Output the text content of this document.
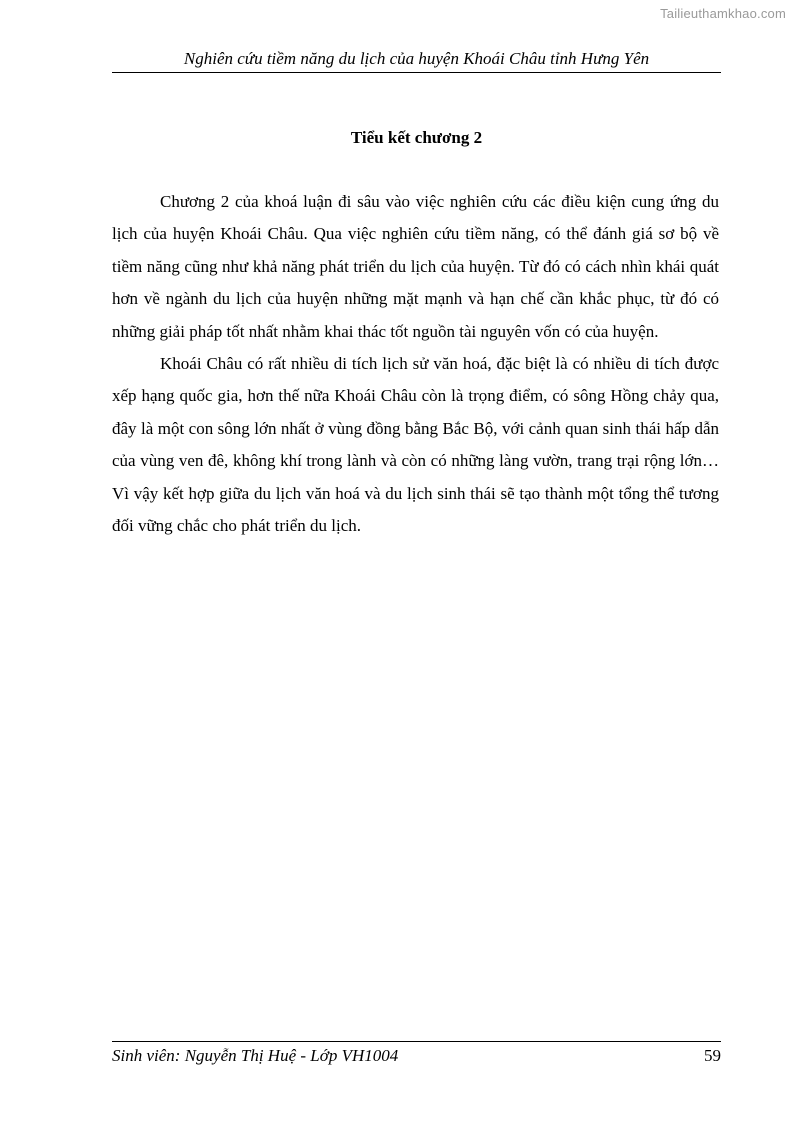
Tailieuthamkhao.com
Nghiên cứu tiềm năng du lịch của huyện Khoái Châu tỉnh Hưng Yên
Tiểu kết chương 2

Chương 2 của khoá luận đi sâu vào việc nghiên cứu các điều kiện cung ứng du lịch của huyện Khoái Châu. Qua việc nghiên cứu tiềm năng, có thể đánh giá sơ bộ về tiềm năng cũng như khả năng phát triển du lịch của huyện. Từ đó có cách nhìn khái quát hơn về ngành du lịch của huyện những mặt mạnh và hạn chế cần khắc phục, từ đó có những giải pháp tốt nhất nhằm khai thác tốt nguồn tài nguyên vốn có của huyện.

Khoái Châu có rất nhiều di tích lịch sử văn hoá, đặc biệt là có nhiều di tích được xếp hạng quốc gia, hơn thế nữa Khoái Châu còn là trọng điểm, có sông Hồng chảy qua, đây là một con sông lớn nhất ở vùng đồng bằng Bắc Bộ, với cảnh quan sinh thái hấp dẫn của vùng ven đê, không khí trong lành và còn có những làng vườn, trang trại rộng lớn…Vì vậy kết hợp giữa du lịch văn hoá và du lịch sinh thái sẽ tạo thành một tổng thể tương đối vững chắc cho phát triển du lịch.

Sinh viên: Nguyễn Thị Huệ - Lớp VH1004	59
